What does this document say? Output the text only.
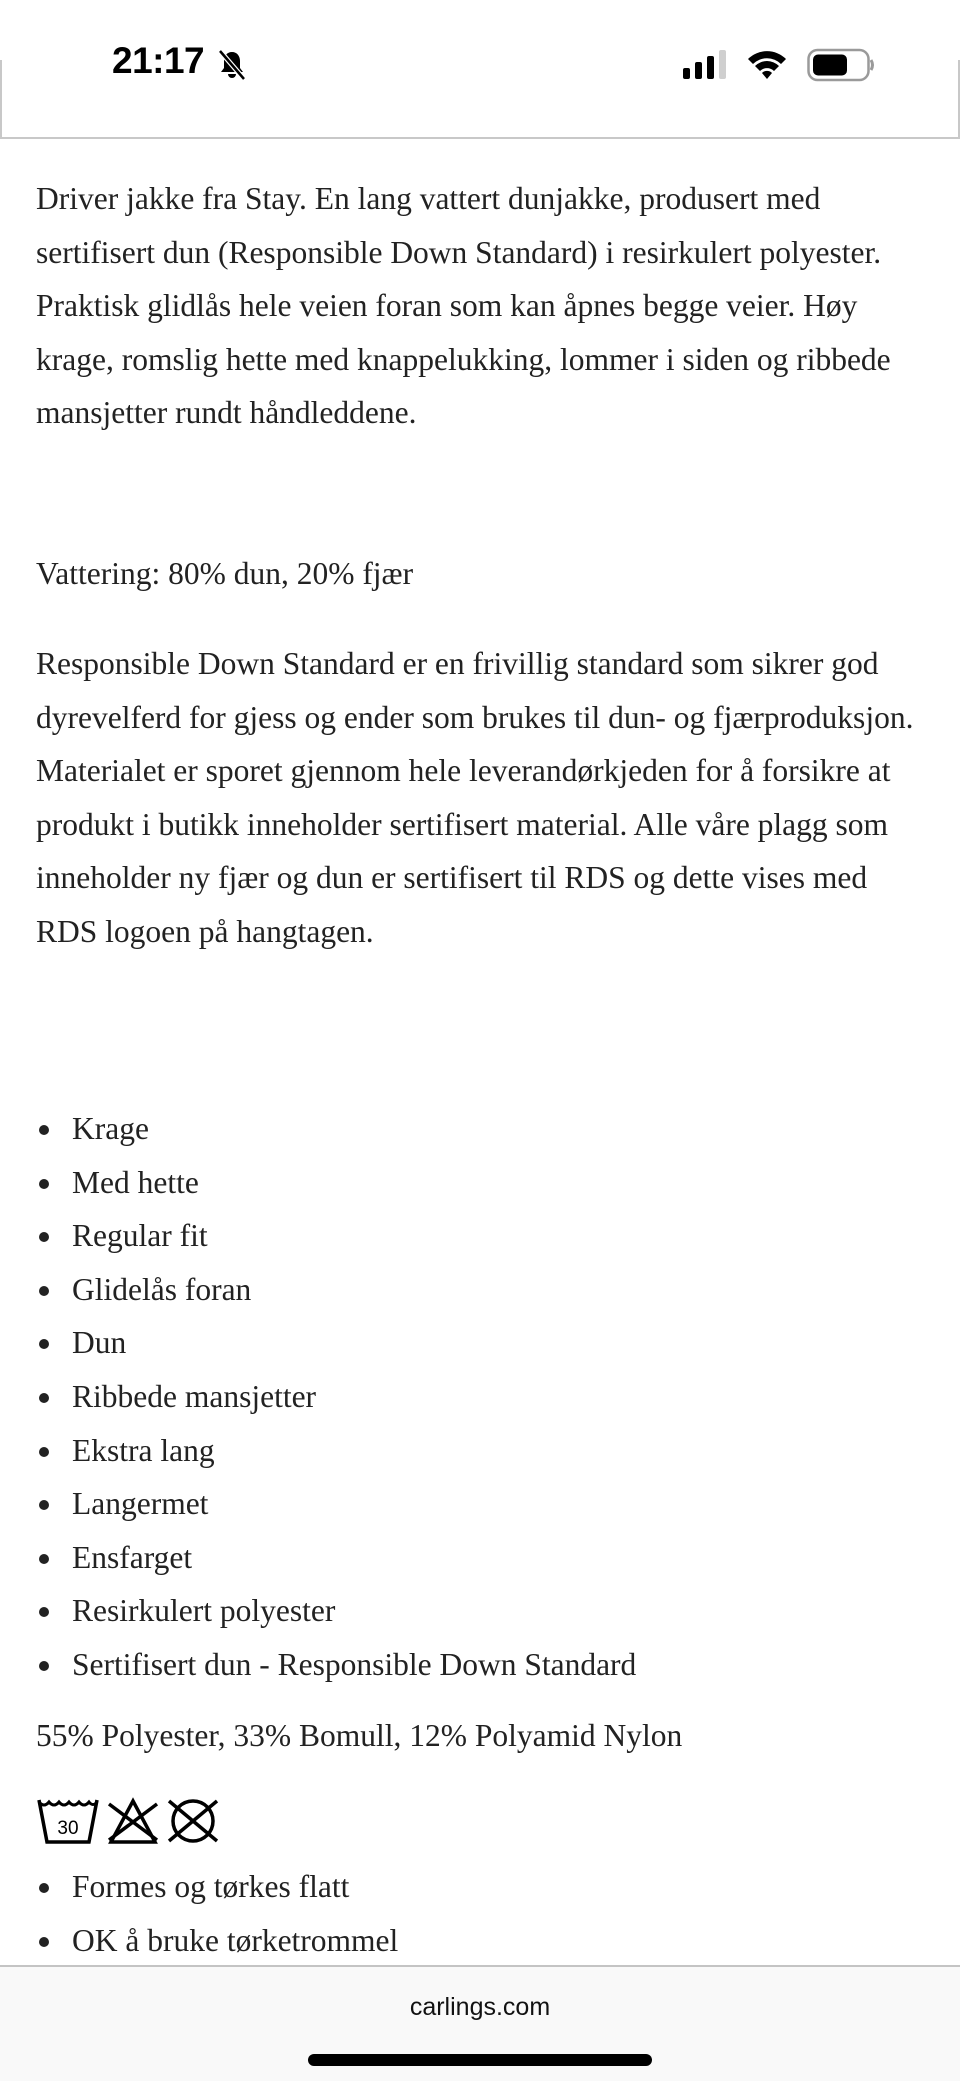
21:17

Driver jakke fra Stay. En lang vattert dunjakke, produsert med sertifisert dun (Responsible Down Standard) i resirkulert polyester. Praktisk glidlås hele veien foran som kan åpnes begge veier. Høy krage, romslig hette med knappelukking, lommer i siden og ribbede mansjetter rundt håndleddene.

Vattering: 80% dun, 20% fjær

Responsible Down Standard er en frivillig standard som sikrer god dyrevelferd for gjess og ender som brukes til dun- og fjærproduksjon. Materialet er sporet gjennom hele leverandørkjeden for å forsikre at produkt i butikk inneholder sertifisert material. Alle våre plagg som inneholder ny fjær og dun er sertifisert til RDS og dette vises med RDS logoen på hangtagen.

Krage
Med hette
Regular fit
Glidelås foran
Dun
Ribbede mansjetter
Ekstra lang
Langermet
Ensfarget
Resirkulert polyester
Sertifisert dun - Responsible Down Standard

55% Polyester, 33% Bomull, 12% Polyamid Nylon

30
Formes og tørkes flatt
OK å bruke tørketrommel
carlings.com
